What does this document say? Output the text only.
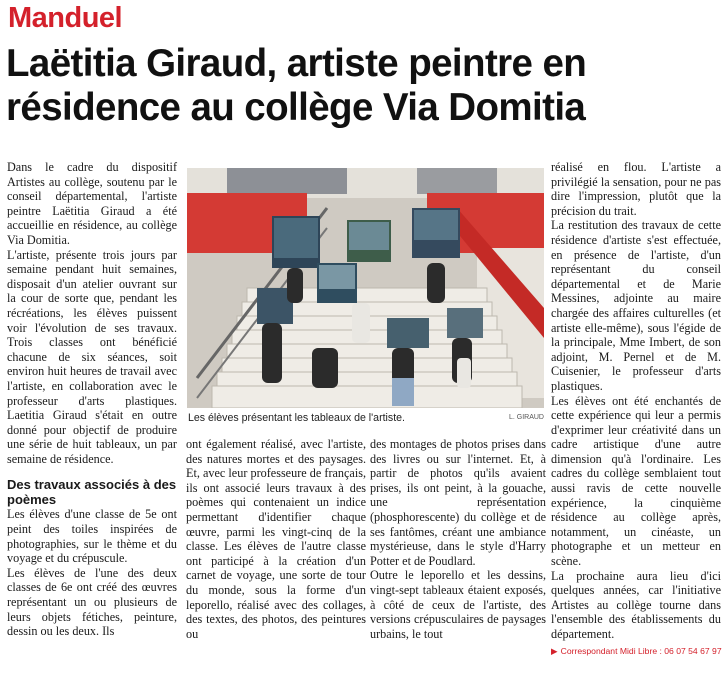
Manduel
Laëtitia Giraud, artiste peintre en résidence au collège Via Domitia

Dans le cadre du dispositif Artistes au collège, soutenu par le conseil départemental, l'artiste peintre Laëtitia Giraud a été accueillie en résidence, au collège Via Domitia.

L'artiste, présente trois jours par semaine pendant huit semaines, disposait d'un atelier ouvrant sur la cour de sorte que, pendant les récréations, les élèves puissent voir l'évolution de ses travaux. Trois classes ont bénéficié chacune de six séances, soit environ huit heures de travail avec l'artiste, en collaboration avec le professeur d'arts plastiques. Laetitia Giraud s'était en outre donné pour objectif de produire une série de huit tableaux, un par semaine de résidence.

Des travaux associés à des poèmes

Les élèves d'une classe de 5e ont peint des toiles inspirées de photographies, sur le thème et du voyage et du crépuscule.

Les élèves de l'une des deux classes de 6e ont créé des œuvres représentant un ou plusieurs de leurs objets fétiches, peinture, dessin ou les deux. Ils

Les élèves présentant les tableaux de l'artiste.	L. GIRAUD

ont également réalisé, avec l'artiste, des natures mortes et des paysages. Et, avec leur professeure de français, ils ont associé leurs travaux à des poèmes qui contenaient un indice permettant d'identifier chaque œuvre, parmi les vingt-cinq de la classe. Les élèves de l'autre classe ont participé à la création d'un carnet de voyage, une sorte de tour du monde, sous la forme d'un leporello, réalisé avec des collages, des textes, des photos, des peintures ou

des montages de photos prises dans des livres ou sur l'internet. Et, à partir de photos qu'ils avaient prises, ils ont peint, à la gouache, une représentation (phosphorescente) du collège et de ses fantômes, créant une ambiance mystérieuse, dans le style d'Harry Potter et de Poudlard.

Outre le leporello et les dessins, vingt-sept tableaux étaient exposés, à côté de ceux de l'artiste, des versions crépusculaires de paysages urbains, le tout

réalisé en flou. L'artiste a privilégié la sensation, pour ne pas dire l'impression, plutôt que la précision du trait.

La restitution des travaux de cette résidence d'artiste s'est effectuée, en présence de l'artiste, d'un représentant du conseil départemental et de Marie Messines, adjointe au maire chargée des affaires culturelles (et artiste elle-même), sous l'égide de la principale, Mme Imbert, de son adjoint, M. Pernel et de M. Cuisenier, le professeur d'arts plastiques.

Les élèves ont été enchantés de cette expérience qui leur a permis d'exprimer leur créativité dans un cadre artistique d'une autre dimension qu'à l'ordinaire. Les cadres du collège semblaient tout aussi ravis de cette nouvelle expérience, la cinquième résidence au collège après, notamment, un cinéaste, un photographe et un metteur en scène.

La prochaine aura lieu d'ici quelques années, car l'initiative Artistes au collège tourne dans l'ensemble des établissements du département.

▶ Correspondant Midi Libre : 06 07 54 67 97
